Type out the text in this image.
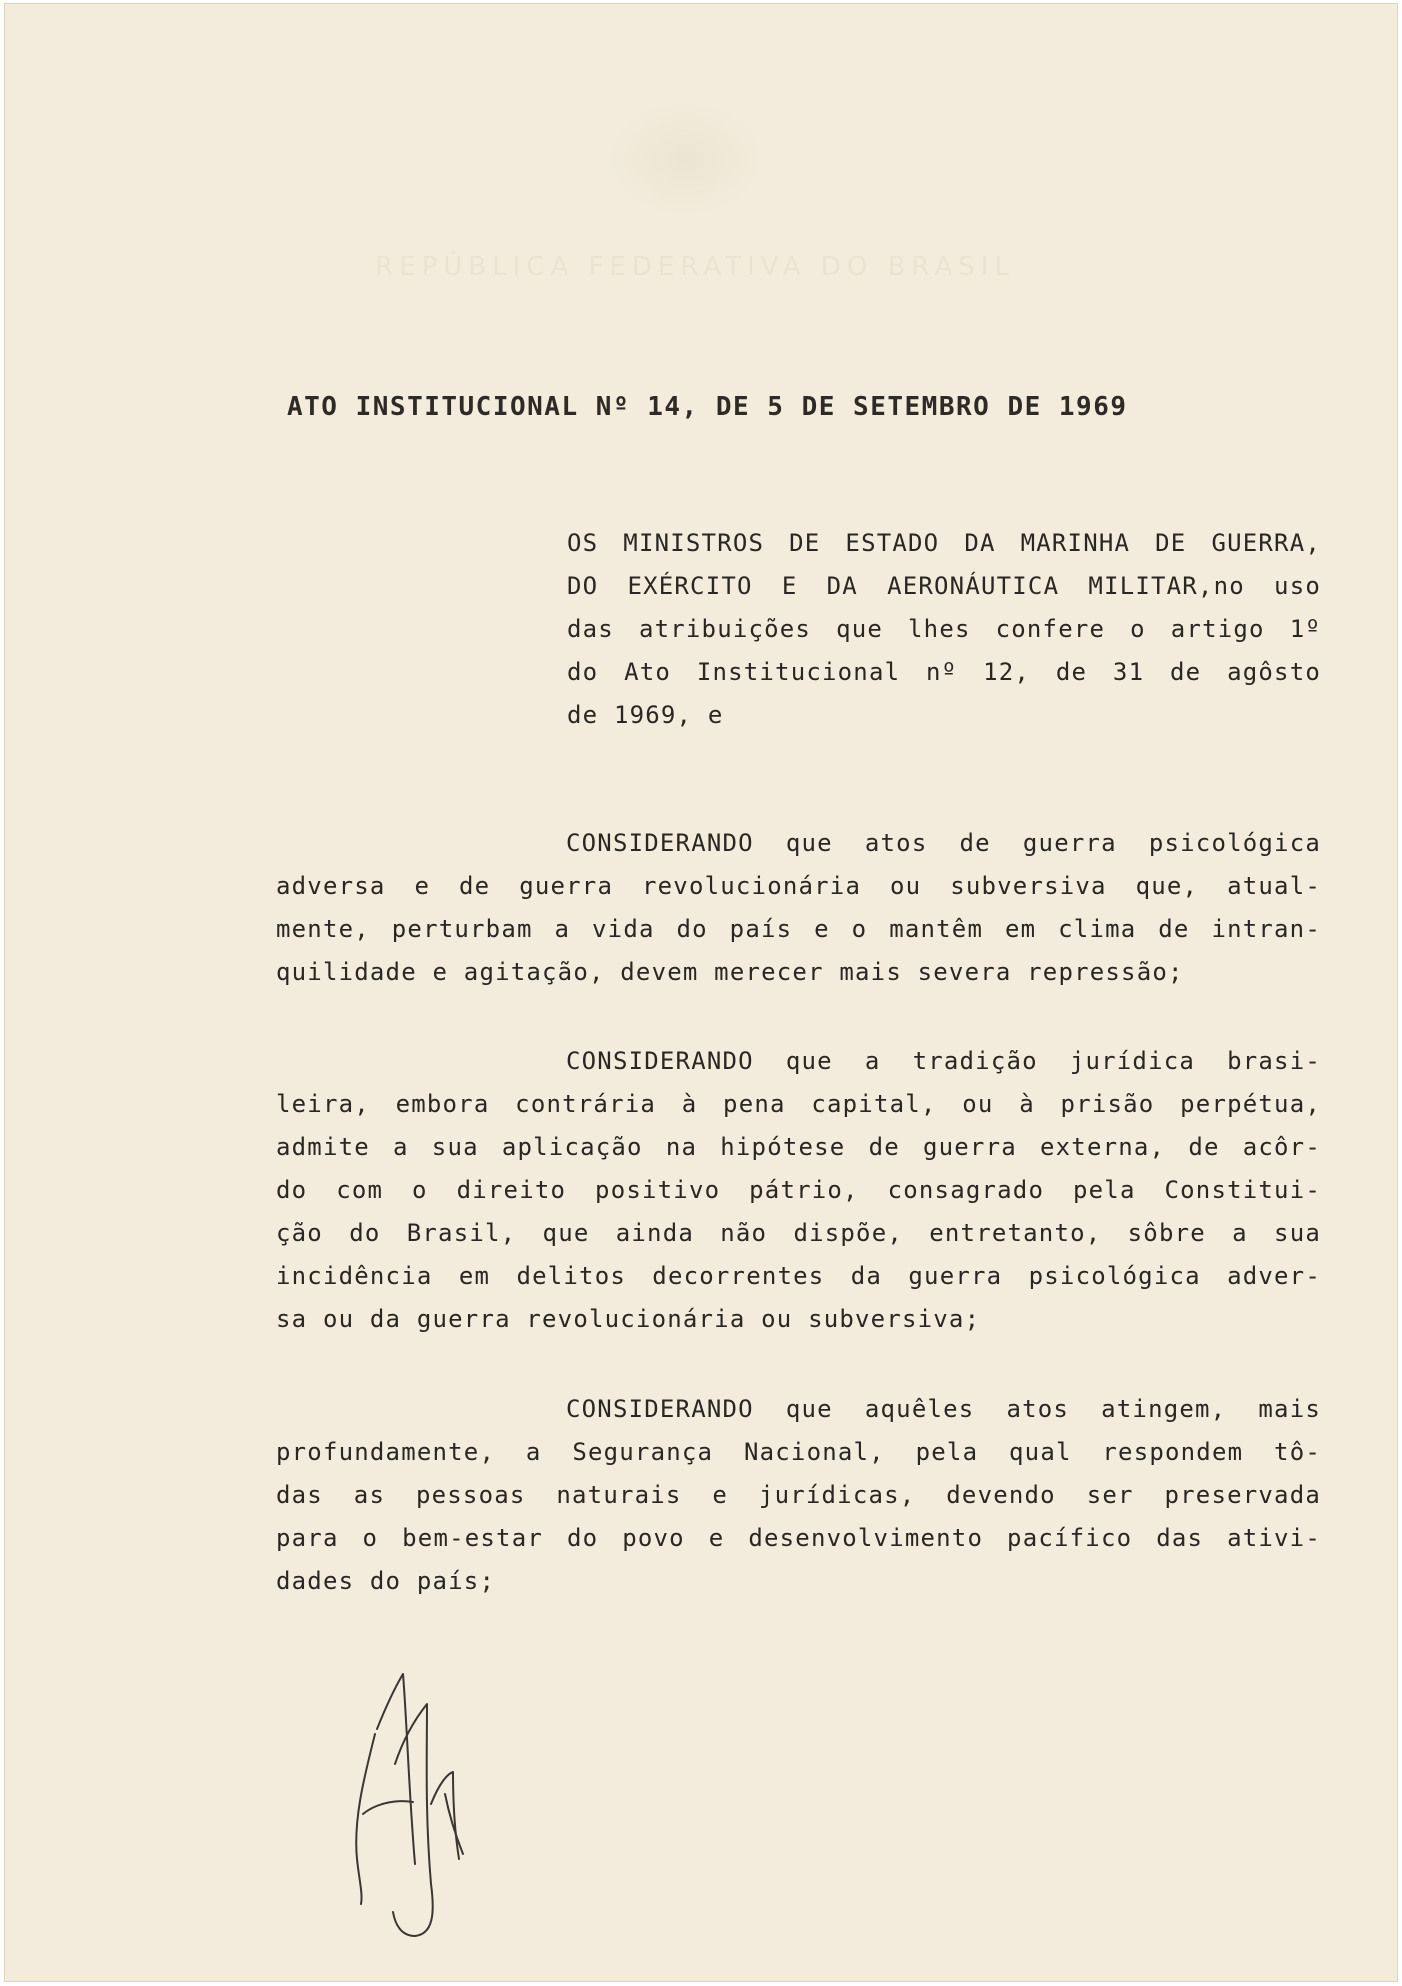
REPÚBLICA FEDERATIVA DO BRASIL
ATO INSTITUCIONAL Nº 14, DE 5 DE SETEMBRO DE 1969
OS MINISTROS DE ESTADO DA MARINHA DE GUERRA,
DO EXÉRCITO E DA AERONÁUTICA MILITAR,no uso
das atribuições que lhes confere o artigo 1º
do Ato Institucional nº 12, de 31 de agôsto
de 1969, e
CONSIDERANDO que atos de guerra psicológica
adversa e de guerra revolucionária ou subversiva que, atual-
mente, perturbam a vida do país e o mantêm em clima de intran-
quilidade e agitação, devem merecer mais severa repressão;
CONSIDERANDO que a tradição jurídica brasi-
leira, embora contrária à pena capital, ou à prisão perpétua,
admite a sua aplicação na hipótese de guerra externa, de acôr-
do com o direito positivo pátrio, consagrado pela Constitui-
ção do Brasil, que ainda não dispõe, entretanto, sôbre a sua
incidência em delitos decorrentes da guerra psicológica adver-
sa ou da guerra revolucionária ou subversiva;
CONSIDERANDO que aquêles atos atingem, mais
profundamente, a Segurança Nacional, pela qual respondem tô-
das as pessoas naturais e jurídicas, devendo ser preservada
para o bem-estar do povo e desenvolvimento pacífico das ativi-
dades do país;
